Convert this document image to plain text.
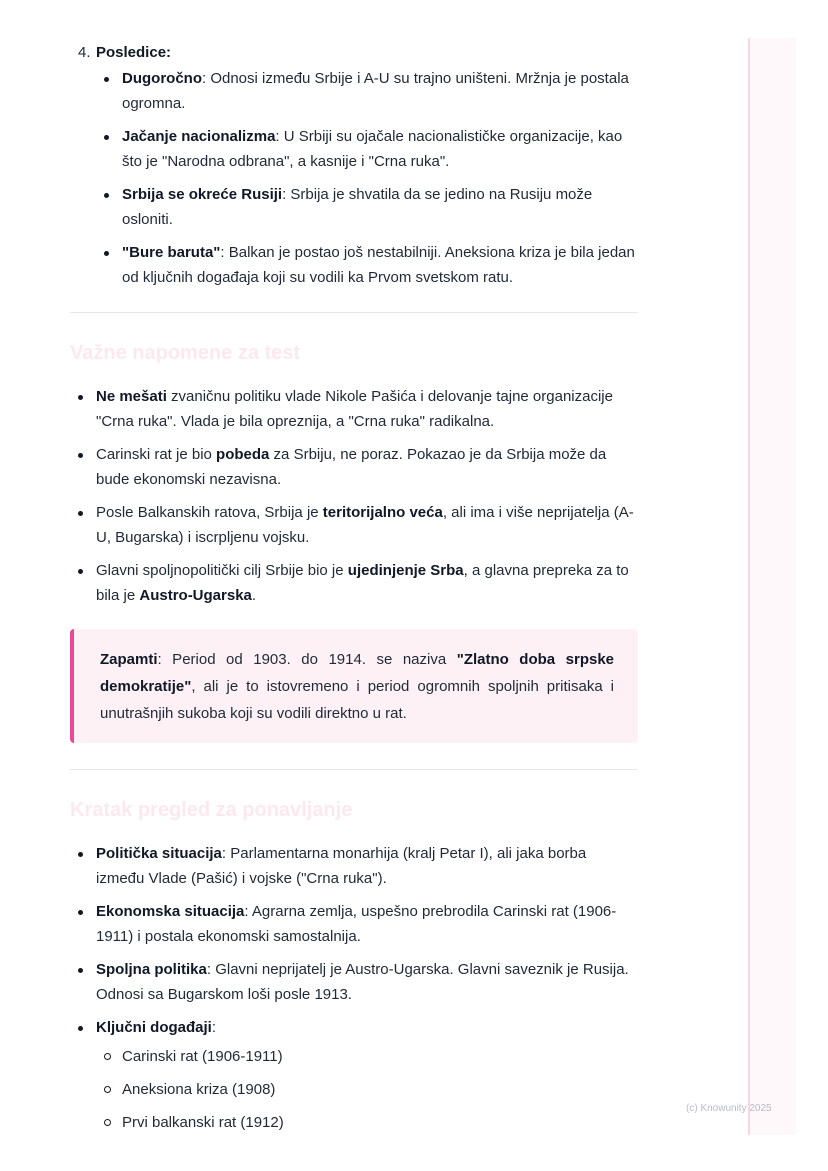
4. Posledice:
Dugoročno: Odnosi između Srbije i A-U su trajno uništeni. Mržnja je postala ogromna.
Jačanje nacionalizma: U Srbiji su ojačale nacionalističke organizacije, kao što je "Narodna odbrana", a kasnije i "Crna ruka".
Srbija se okreće Rusiji: Srbija je shvatila da se jedino na Rusiju može osloniti.
"Bure baruta": Balkan je postao još nestabilniji. Aneksiona kriza je bila jedan od ključnih događaja koji su vodili ka Prvom svetskom ratu.
Važne napomene za test
Ne mešati zvaničnu politiku vlade Nikole Pašića i delovanje tajne organizacije "Crna ruka". Vlada je bila opreznija, a "Crna ruka" radikalna.
Carinski rat je bio pobeda za Srbiju, ne poraz. Pokazao je da Srbija može da bude ekonomski nezavisna.
Posle Balkanskih ratova, Srbija je teritorijalno veća, ali ima i više neprijatelja (A-U, Bugarska) i iscrpljenu vojsku.
Glavni spoljnopolitički cilj Srbije bio je ujedinjenje Srba, a glavna prepreka za to bila je Austro-Ugarska.
Zapamti: Period od 1903. do 1914. se naziva "Zlatno doba srpske demokratije", ali je to istovremeno i period ogromnih spoljnih pritisaka i unutrašnjih sukoba koji su vodili direktno u rat.
Kratak pregled za ponavljanje
Politička situacija: Parlamentarna monarhija (kralj Petar I), ali jaka borba između Vlade (Pašić) i vojske ("Crna ruka").
Ekonomska situacija: Agrarna zemlja, uspešno prebrodila Carinski rat (1906-1911) i postala ekonomski samostalnija.
Spoljna politika: Glavni neprijatelj je Austro-Ugarska. Glavni saveznik je Rusija. Odnosi sa Bugarskom loši posle 1913.
Ključni događaji:
Carinski rat (1906-1911)
Aneksiona kriza (1908)
Prvi balkanski rat (1912)
(c) Knowunity 2025
